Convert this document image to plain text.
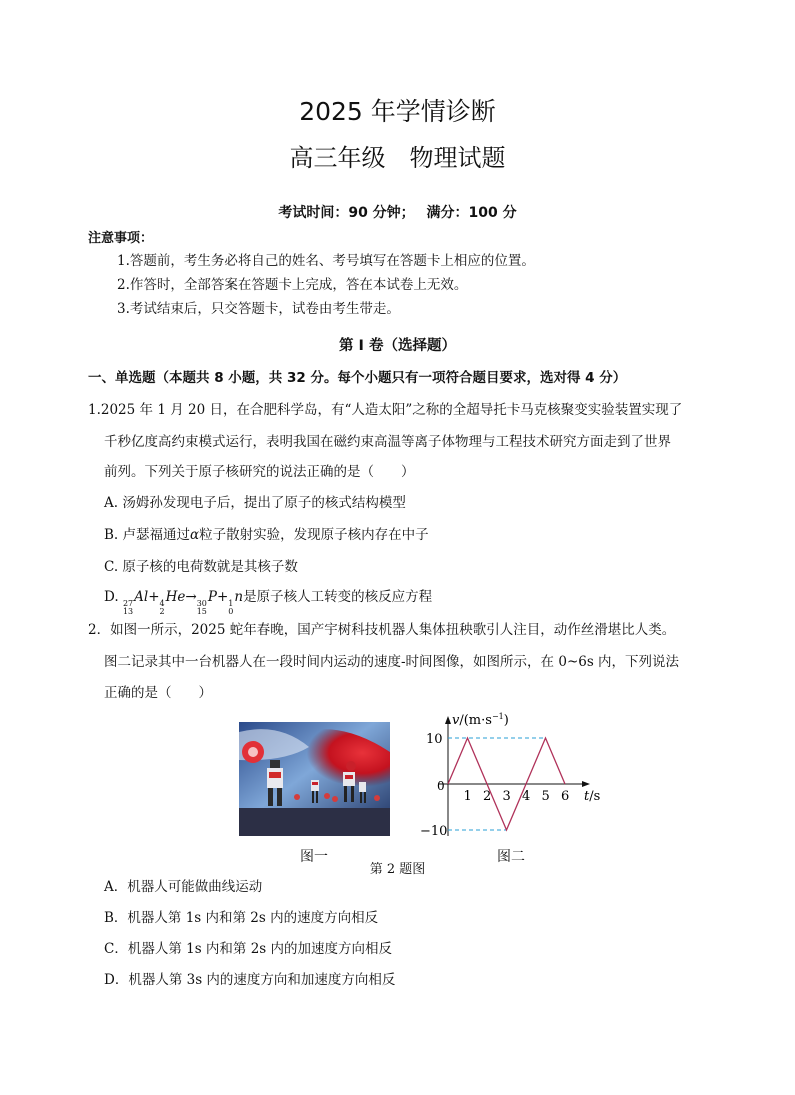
2025 年学情诊断
高三年级　物理试题
考试时间：90 分钟；　 满分：100 分
注意事项：
1.答题前，考生务必将自己的姓名、考号填写在答题卡上相应的位置。
2.作答时，全部答案在答题卡上完成，答在本试卷上无效。
3.考试结束后，只交答题卡，试卷由考生带走。
第 I 卷（选择题）
一、单选题（本题共 8 小题，共 32 分。每个小题只有一项符合题目要求，选对得 4 分）
1.2025 年 1 月 20 日，在合肥科学岛，有“人造太阳”之称的全超导托卡马克核聚变实验装置实现了
千秒亿度高约束模式运行，表明我国在磁约束高温等离子体物理与工程技术研究方面走到了世界
前列。下列关于原子核研究的说法正确的是（　　）
A. 汤姆孙发现电子后，提出了原子的核式结构模型
B. 卢瑟福通过α粒子散射实验，发现原子核内存在中子
C. 原子核的电荷数就是其核子数
D. 27
13
Al+ 4
2
He→ 30
15
P+ 1
0
n是原子核人工转变的核反应方程
2．如图一所示，2025 蛇年春晚，国产宇树科技机器人集体扭秧歌引人注目，动作丝滑堪比人类。
图二记录其中一台机器人在一段时间内运动的速度-时间图像，如图所示，在 0~6s 内，下列说法
正确的是（　　）
图一
1 2 3 4 5 6
10
−10
$v/(m\cdot s^{-1})$
t/s
0
图二
第 2 题图
A．机器人可能做曲线运动
B．机器人第 1s 内和第 2s 内的速度方向相反
C．机器人第 1s 内和第 2s 内的加速度方向相反
D．机器人第 3s 内的速度方向和加速度方向相反
